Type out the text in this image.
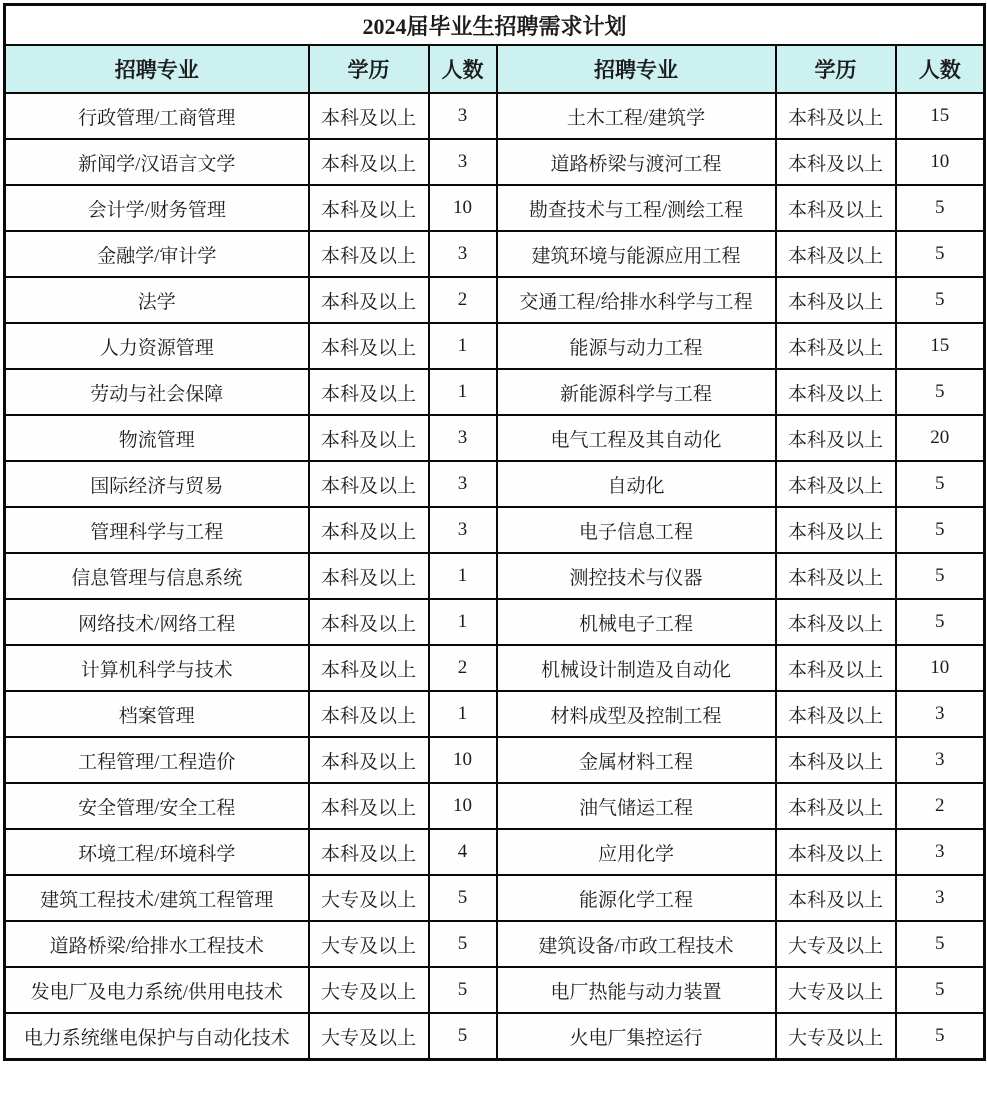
2024届毕业生招聘需求计划					
招聘专业	学历	人数	招聘专业	学历	人数
行政管理/工商管理	本科及以上	3	土木工程/建筑学	本科及以上	15
新闻学/汉语言文学	本科及以上	3	道路桥梁与渡河工程	本科及以上	10
会计学/财务管理	本科及以上	10	勘查技术与工程/测绘工程	本科及以上	5
金融学/审计学	本科及以上	3	建筑环境与能源应用工程	本科及以上	5
法学	本科及以上	2	交通工程/给排水科学与工程	本科及以上	5
人力资源管理	本科及以上	1	能源与动力工程	本科及以上	15
劳动与社会保障	本科及以上	1	新能源科学与工程	本科及以上	5
物流管理	本科及以上	3	电气工程及其自动化	本科及以上	20
国际经济与贸易	本科及以上	3	自动化	本科及以上	5
管理科学与工程	本科及以上	3	电子信息工程	本科及以上	5
信息管理与信息系统	本科及以上	1	测控技术与仪器	本科及以上	5
网络技术/网络工程	本科及以上	1	机械电子工程	本科及以上	5
计算机科学与技术	本科及以上	2	机械设计制造及自动化	本科及以上	10
档案管理	本科及以上	1	材料成型及控制工程	本科及以上	3
工程管理/工程造价	本科及以上	10	金属材料工程	本科及以上	3
安全管理/安全工程	本科及以上	10	油气储运工程	本科及以上	2
环境工程/环境科学	本科及以上	4	应用化学	本科及以上	3
建筑工程技术/建筑工程管理	大专及以上	5	能源化学工程	本科及以上	3
道路桥梁/给排水工程技术	大专及以上	5	建筑设备/市政工程技术	大专及以上	5
发电厂及电力系统/供用电技术	大专及以上	5	电厂热能与动力装置	大专及以上	5
电力系统继电保护与自动化技术	大专及以上	5	火电厂集控运行	大专及以上	5
